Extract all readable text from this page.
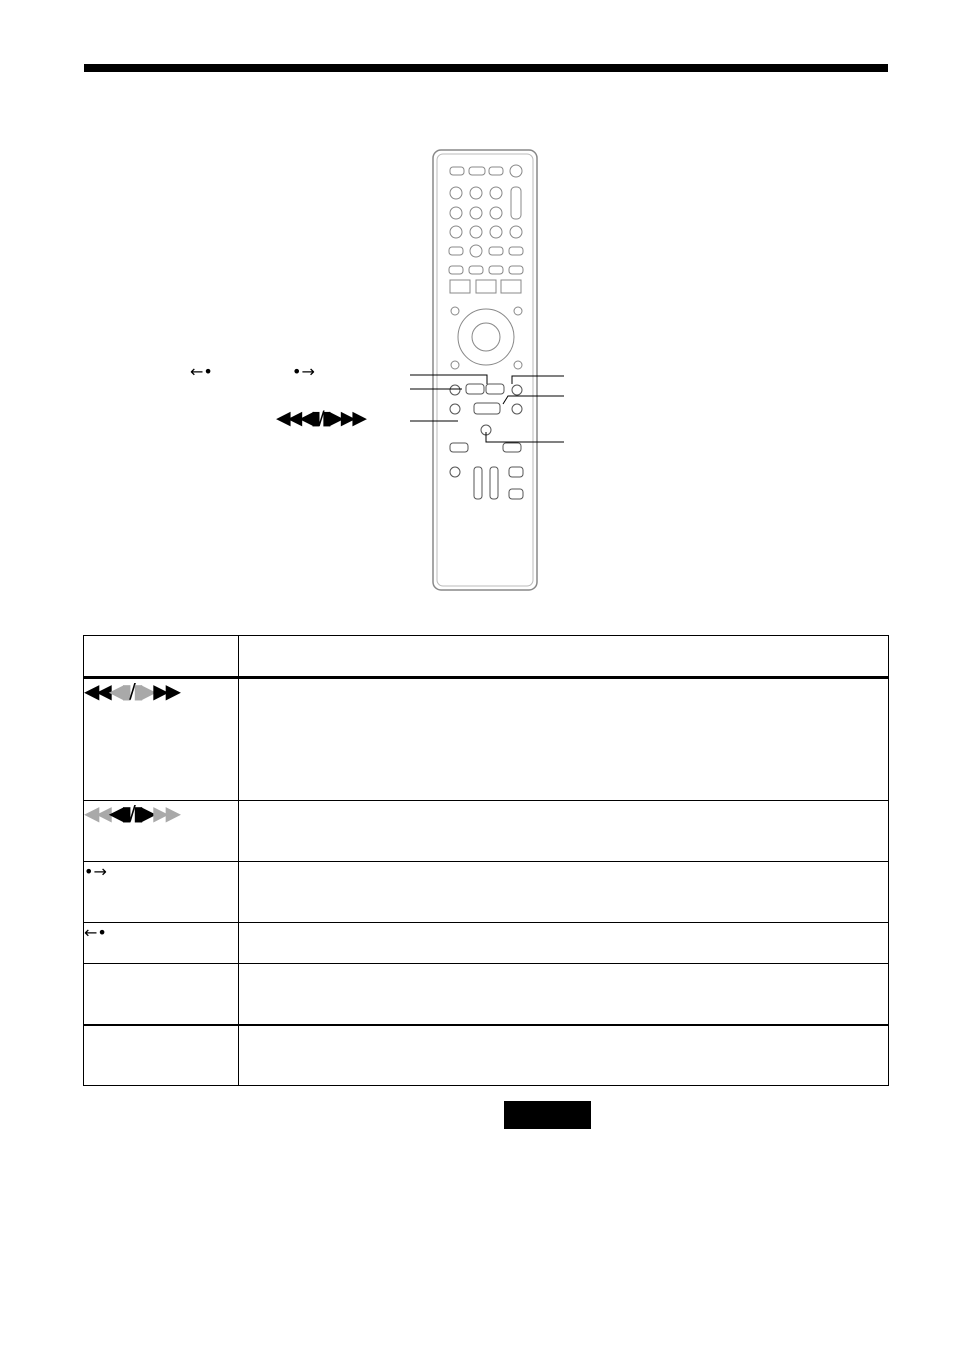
←•	•→
◀◀◀▮/▮▶▶▶

◀◀◀▮/▮▶▶▶	
◀◀◀▮/▮▶▶▶	
•→	
←•	
